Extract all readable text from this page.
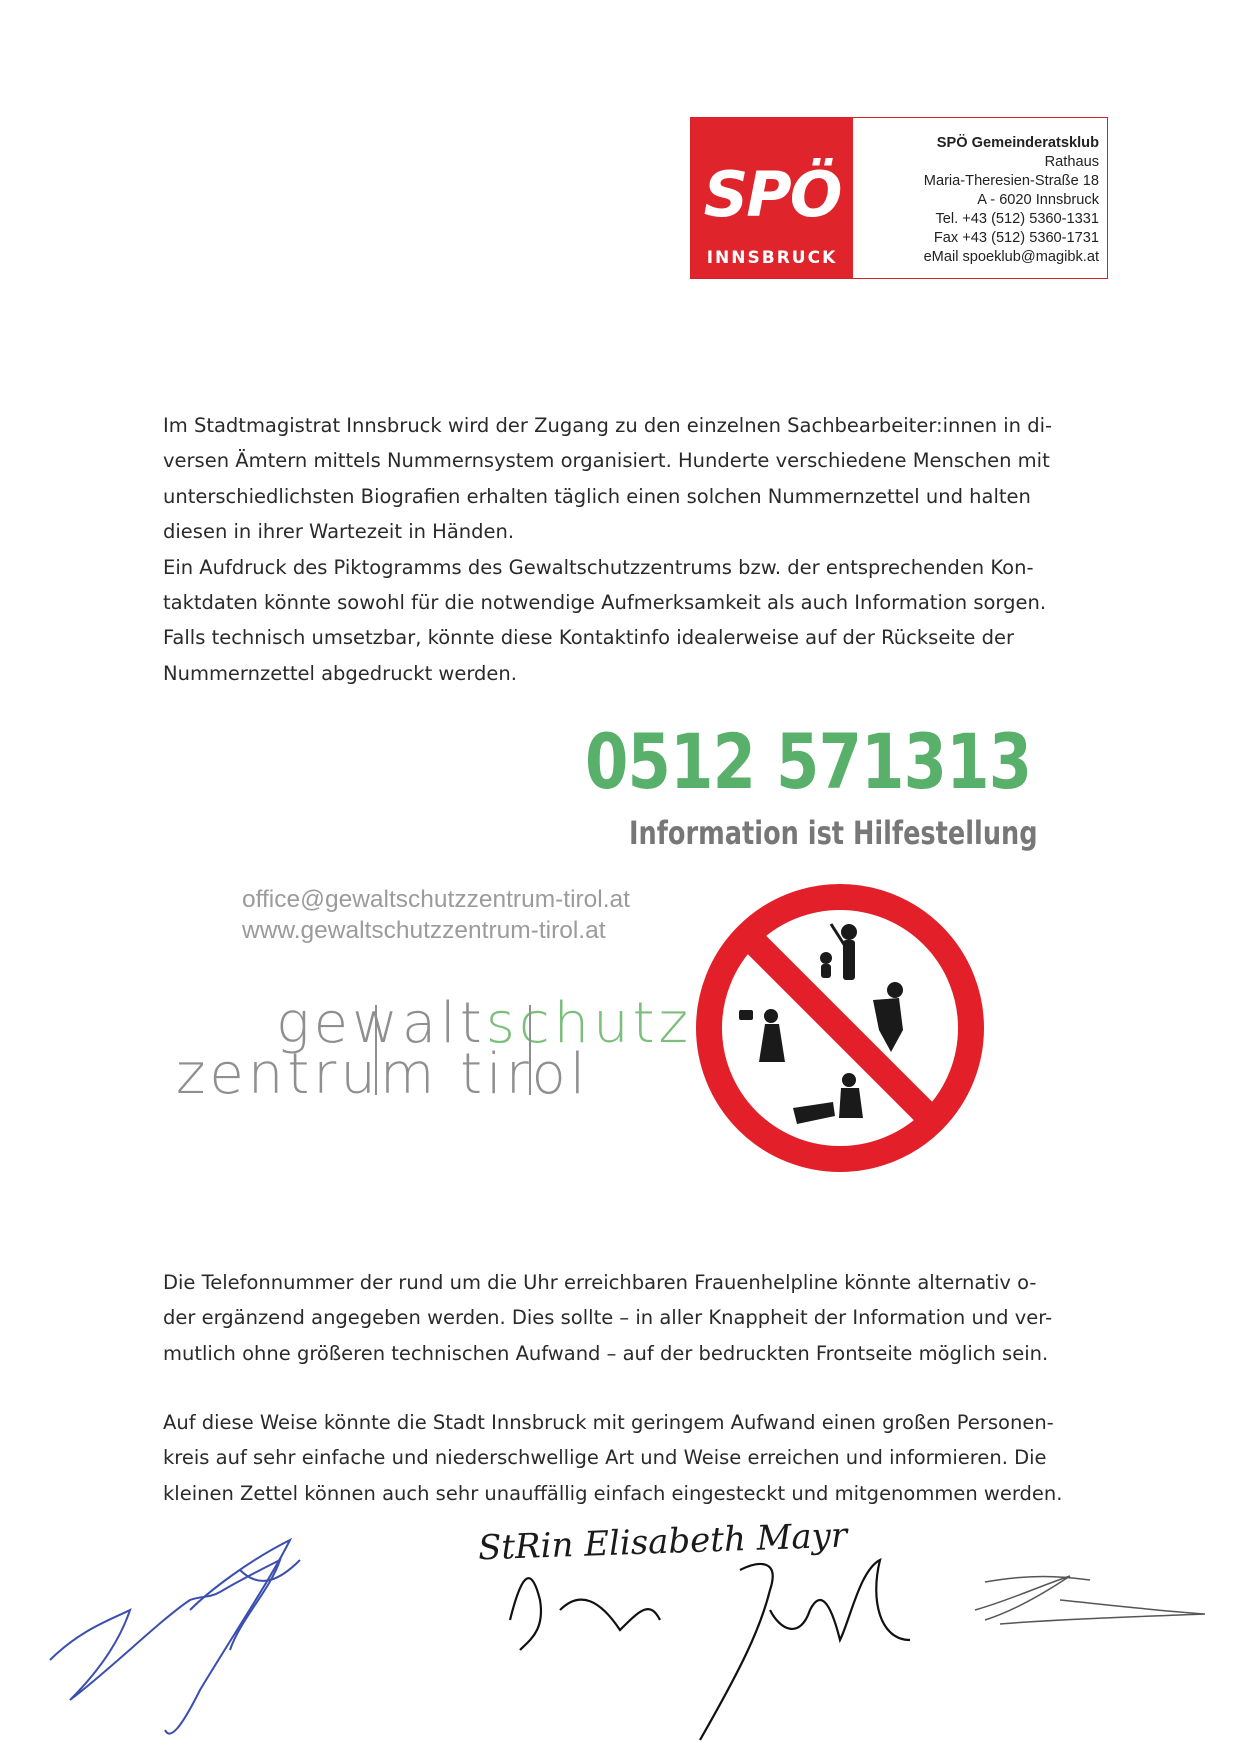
SPÖ
INNSBRUCK
SPÖ Gemeinderatsklub
Rathaus
Maria-Theresien-Straße 18
A - 6020 Innsbruck
Tel. +43 (512) 5360-1331
Fax +43 (512) 5360-1731
eMail spoeklub@magibk.at

Im Stadtmagistrat Innsbruck wird der Zugang zu den einzelnen Sachbearbeiter:innen in di-
versen Ämtern mittels Nummernsystem organisiert. Hunderte verschiedene Menschen mit
unterschiedlichsten Biografien erhalten täglich einen solchen Nummernzettel und halten
diesen in ihrer Wartezeit in Händen.
Ein Aufdruck des Piktogramms des Gewaltschutzzentrums bzw. der entsprechenden Kon-
taktdaten könnte sowohl für die notwendige Aufmerksamkeit als auch Information sorgen.
Falls technisch umsetzbar, könnte diese Kontaktinfo idealerweise auf der Rückseite der
Nummernzettel abgedruckt werden.

0512 571313
Information ist Hilfestellung
office@gewaltschutzzentrum-tirol.at
www.gewaltschutzzentrum-tirol.at
gewaltschutz
zentrum tirol

Die Telefonnummer der rund um die Uhr erreichbaren Frauenhelpline könnte alternativ o-
der ergänzend angegeben werden. Dies sollte – in aller Knappheit der Information und ver-
mutlich ohne größeren technischen Aufwand – auf der bedruckten Frontseite möglich sein.

Auf diese Weise könnte die Stadt Innsbruck mit geringem Aufwand einen großen Personen-
kreis auf sehr einfache und niederschwellige Art und Weise erreichen und informieren. Die
kleinen Zettel können auch sehr unauffällig einfach eingesteckt und mitgenommen werden.

StRin Elisabeth Mayr
